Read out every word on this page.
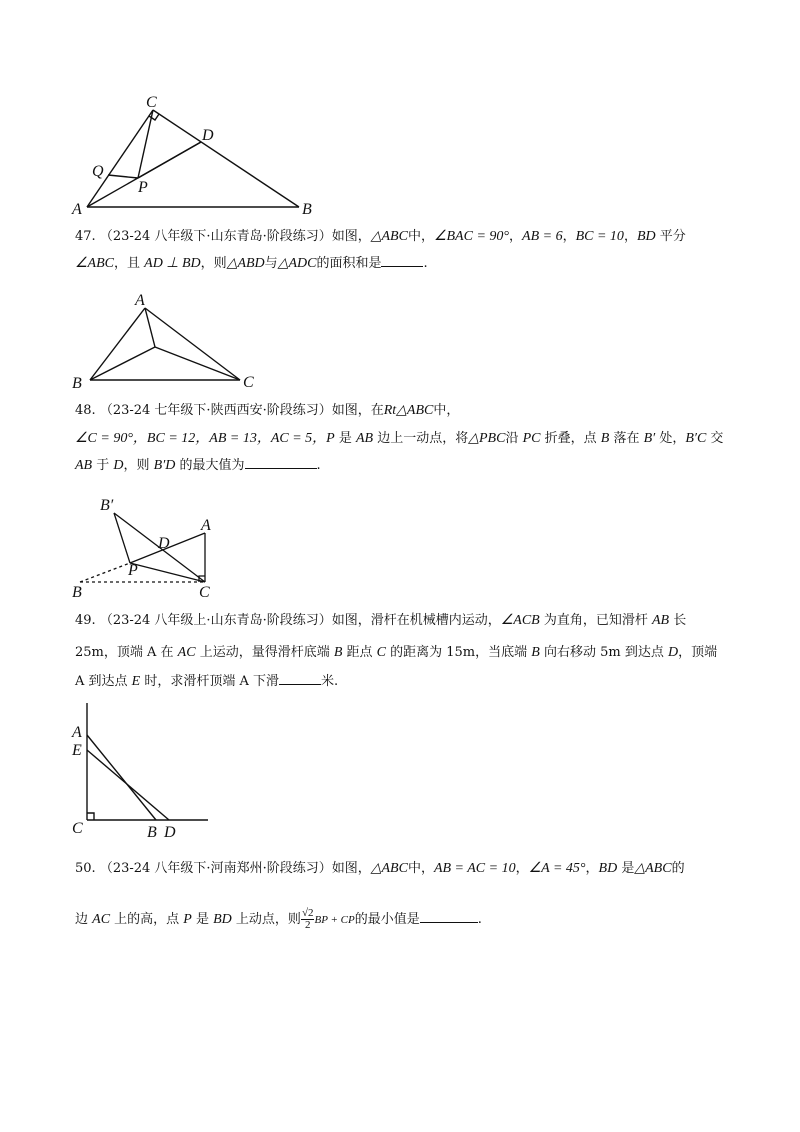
C
D
Q
P
A	B
47. （23-24 八年级下·山东青岛·阶段练习）如图，△ABC中，∠BAC = 90°，AB = 6，BC = 10，BD 平分
∠ABC，且 AD ⊥ BD，则△ABD与△ADC的面积和是	.
A
B	C
48. （23-24 七年级下·陕西西安·阶段练习）如图，在Rt△ABC中，
∠C = 90°，BC = 12，AB = 13，AC = 5，P 是 AB 边上一动点，将△PBC沿 PC 折叠，点 B 落在 B′ 处，B′C 交
AB 于 D，则 B′D 的最大值为	.
B′
A
D
P
B	C
49. （23-24 八年级上·山东青岛·阶段练习）如图，滑杆在机械槽内运动，∠ACB 为直角，已知滑杆 AB 长
25m，顶端 A 在 AC 上运动，量得滑杆底端 B 距点 C 的距离为 15m，当底端 B 向右移动 5m 到达点 D，顶端
A 到达点 E 时，求滑杆顶端 A 下滑	米.
A
E
C	B D
50. （23-24 八年级下·河南郑州·阶段练习）如图，△ABC中，AB = AC = 10，∠A = 45°，BD 是△ABC的
边 AC 上的高，点 P 是 BD 上动点，则 $\frac{√2}{2}$ BP + CP的最小值是	.
